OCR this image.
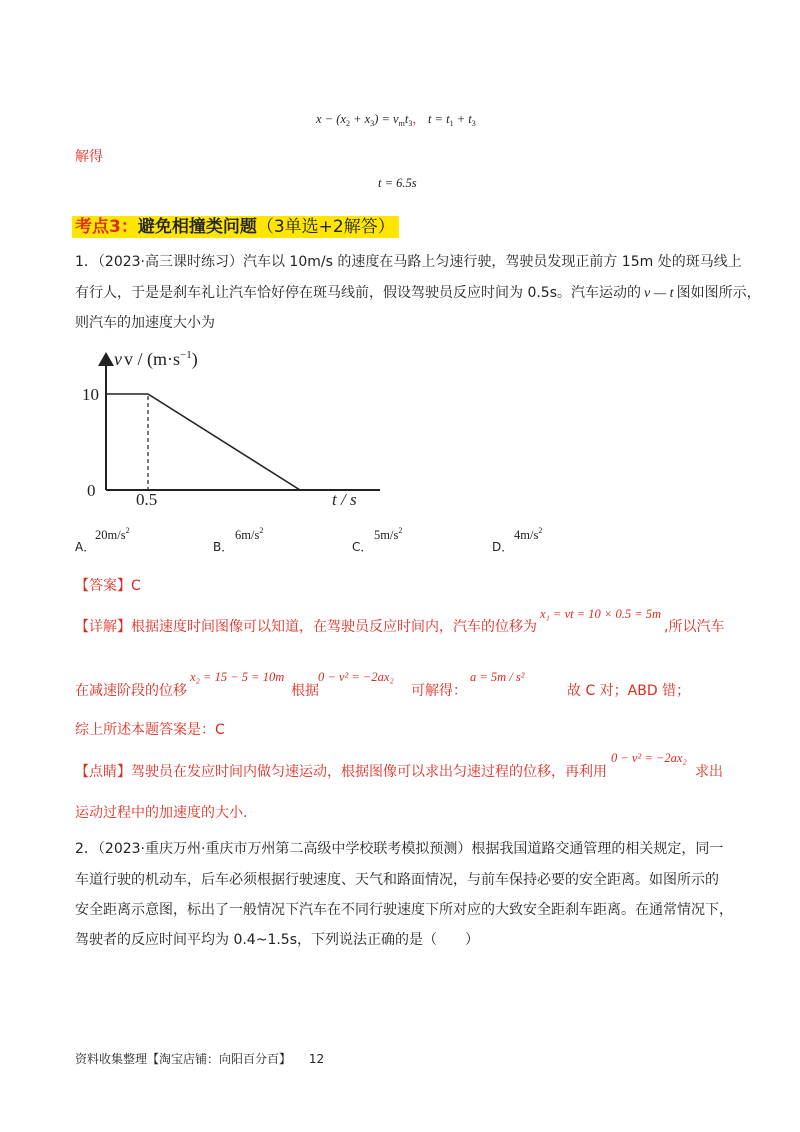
$x - (x_2 + x_3) = v_mt_3$， $t = t_1 + t_3$
解得
t = 6.5s
考点3：避免相撞类问题（3单选+2解答）
1．（2023·高三课时练习）汽车以 10m/s 的速度在马路上匀速行驶，驾驶员发现正前方 15m 处的斑马线上
有行人，于是是刹车礼让汽车恰好停在斑马线前，假设驾驶员反应时间为 0.5s。汽车运动的 v — t 图如图所示，
则汽车的加速度大小为
v $v / (m\cdot s^{-1})$
10
0 0.5	t / s
A．
$20m/s^2$
B．
$6m/s^2$
C．
$5m/s^2$
D．
$4m/s^2$
【答案】C
【详解】根据速度时间图像可以知道，在驾驶员反应时间内，汽车的位移为
x₁ = vt = 10 × 0.5 = 5m
,所以汽车
在减速阶段的位移
x₂ = 15 − 5 = 10m
根据
0 − v² = −2ax₂
可解得：
a = 5m / s²
故 C 对；ABD 错；
综上所述本题答案是：C
【点睛】驾驶员在发应时间内做匀速运动，根据图像可以求出匀速过程的位移，再利用
0 − v² = −2ax₂
求出
运动过程中的加速度的大小.
2．（2023·重庆万州·重庆市万州第二高级中学校联考模拟预测）根据我国道路交通管理的相关规定，同一
车道行驶的机动车，后车必须根据行驶速度、天气和路面情况，与前车保持必要的安全距离。如图所示的
安全距离示意图，标出了一般情况下汽车在不同行驶速度下所对应的大致安全距刹车距离。在通常情况下，
驾驶者的反应时间平均为 0.4~1.5s，下列说法正确的是（　　）
资料收集整理【淘宝店铺：向阳百分百】 12
